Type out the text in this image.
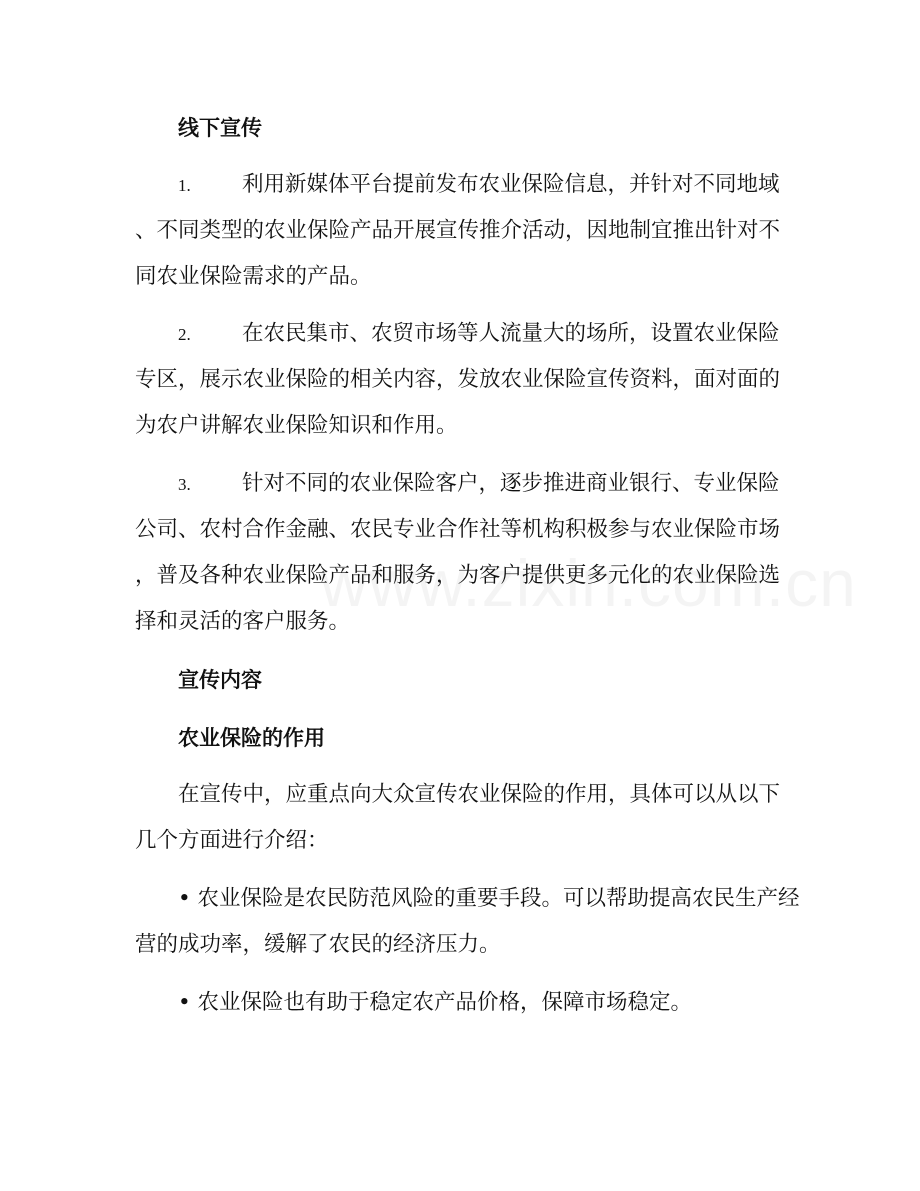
线下宣传
1. 利用新媒体平台提前发布农业保险信息，并针对不同地域
、不同类型的农业保险产品开展宣传推介活动，因地制宜推出针对不
同农业保险需求的产品。
2. 在农民集市、农贸市场等人流量大的场所，设置农业保险
专区，展示农业保险的相关内容，发放农业保险宣传资料，面对面的
为农户讲解农业保险知识和作用。
3. 针对不同的农业保险客户，逐步推进商业银行、专业保险
公司、农村合作金融、农民专业合作社等机构积极参与农业保险市场
，普及各种农业保险产品和服务，为客户提供更多元化的农业保险选
择和灵活的客户服务。
宣传内容
农业保险的作用
在宣传中，应重点向大众宣传农业保险的作用，具体可以从以下
几个方面进行介绍：
• 农业保险是农民防范风险的重要手段。可以帮助提高农民生产经
营的成功率，缓解了农民的经济压力。
• 农业保险也有助于稳定农产品价格，保障市场稳定。
